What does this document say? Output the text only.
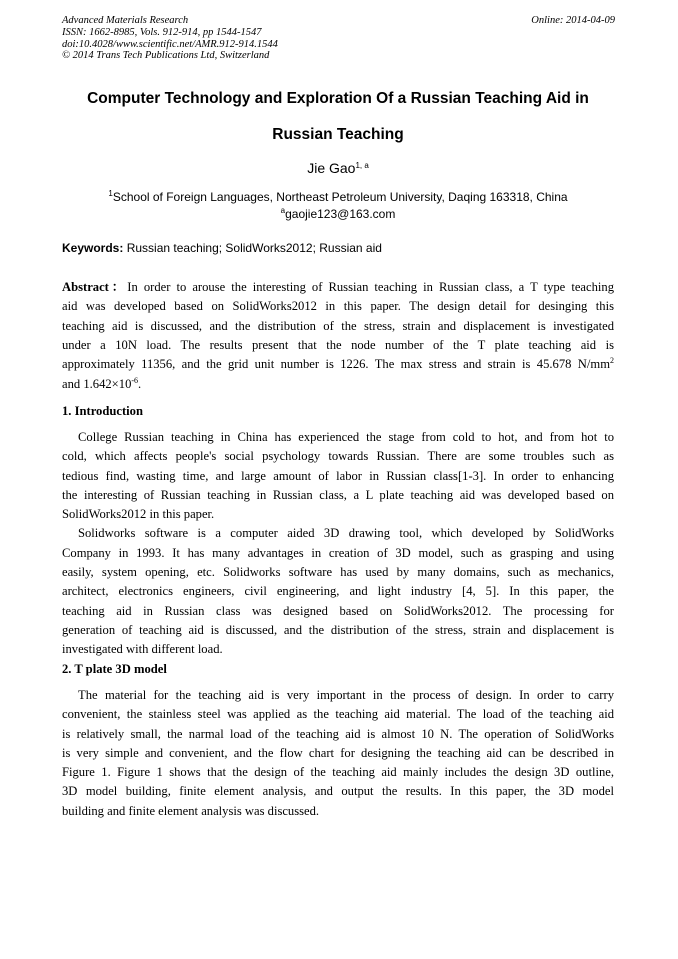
Advanced Materials Research
ISSN: 1662-8985, Vols. 912-914, pp 1544-1547
doi:10.4028/www.scientific.net/AMR.912-914.1544
© 2014 Trans Tech Publications Ltd, Switzerland
Online: 2014-04-09
Computer Technology and Exploration Of a Russian Teaching Aid in
Russian Teaching
Jie Gao$^{1, a}$
$^1$School of Foreign Languages, Northeast Petroleum University, Daqing 163318, China
$^a$gaojie123@163.com
Keywords: Russian teaching; SolidWorks2012; Russian aid
Abstract：In order to arouse the interesting of Russian teaching in Russian class, a T type teaching
aid was developed based on SolidWorks2012 in this paper. The design detail for desinging this
teaching aid is discussed, and the distribution of the stress, strain and displacement is investigated
under a 10N load. The results present that the node number of the T plate teaching aid is
approximately 11356, and the grid unit number is 1226. The max stress and strain is 45.678 $N/mm^2$
and $1.642\times 10^{-6}$.
1. Introduction
College Russian teaching in China has experienced the stage from cold to hot, and from hot to
cold, which affects people's social psychology towards Russian. There are some troubles such as
tedious find, wasting time, and large amount of labor in Russian class[1-3]. In order to enhancing
the interesting of Russian teaching in Russian class, a L plate teaching aid was developed based on
SolidWorks2012 in this paper.
Solidworks software is a computer aided 3D drawing tool, which developed by SolidWorks
Company in 1993. It has many advantages in creation of 3D model, such as grasping and using
easily, system opening, etc. Solidworks software has used by many domains, such as mechanics,
architect, electronics engineers, civil engineering, and light industry [4, 5]. In this paper, the
teaching aid in Russian class was designed based on SolidWorks2012. The processing for
generation of teaching aid is discussed, and the distribution of the stress, strain and displacement is
investigated with different load.
2. T plate 3D model
The material for the teaching aid is very important in the process of design. In order to carry
convenient, the stainless steel was applied as the teaching aid material. The load of the teaching aid
is relatively small, the narmal load of the teaching aid is almost 10 N. The operation of SolidWorks
is very simple and convenient, and the flow chart for designing the teaching aid can be described in
Figure 1. Figure 1 shows that the design of the teaching aid mainly includes the design 3D outline,
3D model building, finite element analysis, and output the results. In this paper, the 3D model
building and finite element analysis was discussed.
